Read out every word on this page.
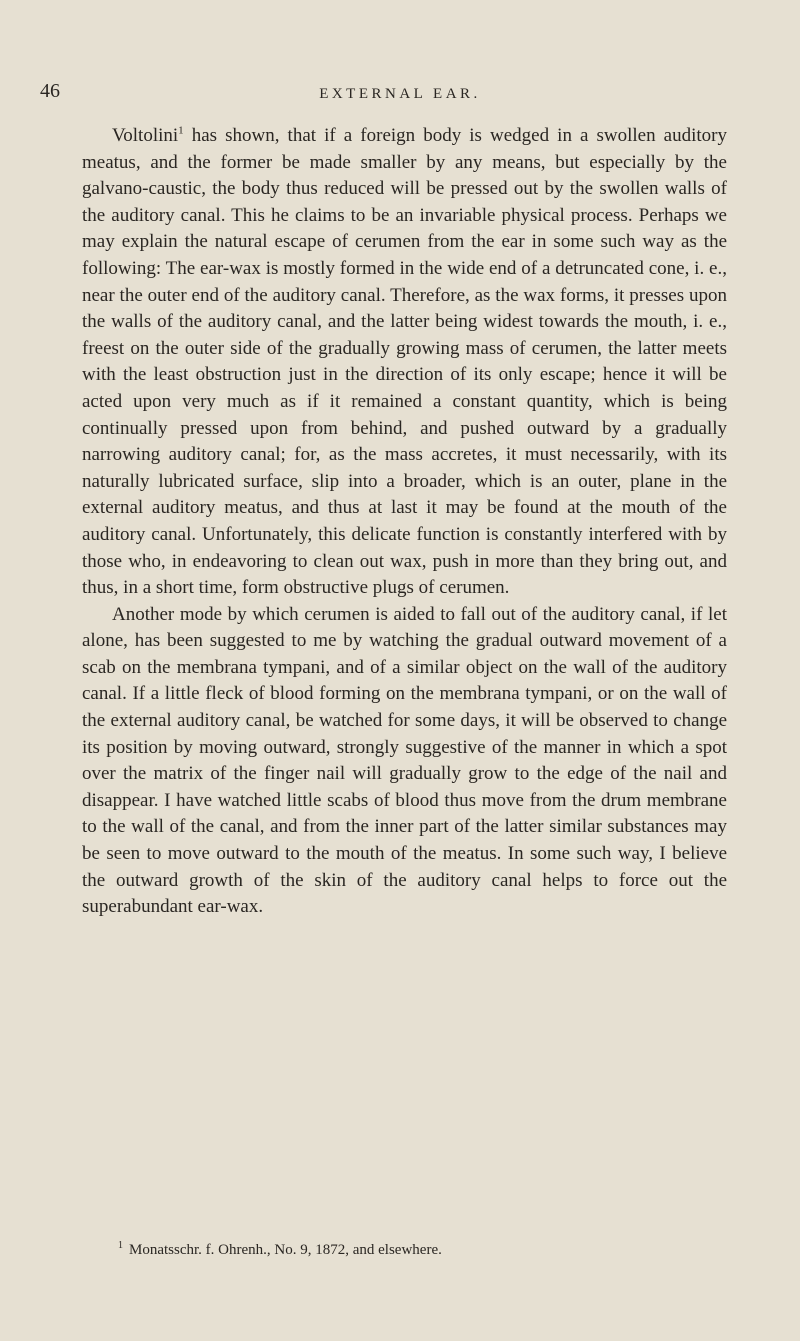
46	EXTERNAL EAR.

Voltolini$^1$ has shown, that if a foreign body is wedged in a swollen auditory meatus, and the former be made smaller by any means, but especially by the galvano-caustic, the body thus reduced will be pressed out by the swollen walls of the auditory canal. This he claims to be an invariable physical process. Perhaps we may explain the natural escape of cerumen from the ear in some such way as the following: The ear-wax is mostly formed in the wide end of a detruncated cone, i. e., near the outer end of the auditory canal. Therefore, as the wax forms, it presses upon the walls of the auditory canal, and the latter being widest towards the mouth, i. e., freest on the outer side of the gradually growing mass of cerumen, the latter meets with the least obstruction just in the direction of its only escape; hence it will be acted upon very much as if it remained a constant quantity, which is being continually pressed upon from behind, and pushed outward by a gradually narrowing auditory canal; for, as the mass accretes, it must necessarily, with its naturally lubricated surface, slip into a broader, which is an outer, plane in the external auditory meatus, and thus at last it may be found at the mouth of the auditory canal. Unfortunately, this delicate function is constantly interfered with by those who, in endeavoring to clean out wax, push in more than they bring out, and thus, in a short time, form obstructive plugs of cerumen.

Another mode by which cerumen is aided to fall out of the auditory canal, if let alone, has been suggested to me by watching the gradual outward movement of a scab on the membrana tympani, and of a similar object on the wall of the auditory canal. If a little fleck of blood forming on the membrana tympani, or on the wall of the external auditory canal, be watched for some days, it will be observed to change its position by moving outward, strongly suggestive of the manner in which a spot over the matrix of the finger nail will gradually grow to the edge of the nail and disappear. I have watched little scabs of blood thus move from the drum membrane to the wall of the canal, and from the inner part of the latter similar substances may be seen to move outward to the mouth of the meatus. In some such way, I believe the outward growth of the skin of the auditory canal helps to force out the superabundant ear-wax.

$^1$ Monatsschr. f. Ohrenh., No. 9, 1872, and elsewhere.
